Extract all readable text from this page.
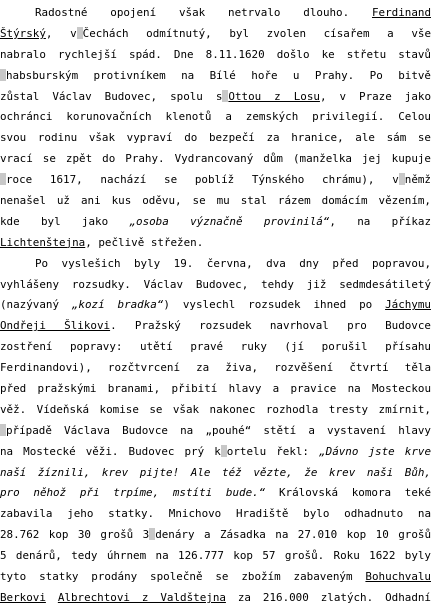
Radostné opojení však netrvalo dlouho. Ferdinand
Štýrský, v Čechách odmítnutý, byl zvolen císařem a vše
nabralo rychlejší spád. Dne 8.11.1620 došlo ke střetu stavů
habsburským protivníkem na Bílé hoře u Prahy. Po bitvě
zůstal Václav Budovec, spolu s Ottou z Losu, v Praze jako
ochránci korunovačních klenotů a zemských privilegií. Celou
svou rodinu však vypraví do bezpečí za hranice, ale sám se
vrací se zpět do Prahy. Vydrancovaný dům (manželka jej kupuje
roce 1617, nachází se poblíž Týnského chrámu), v němž
nenašel už ani kus oděvu, se mu stal rázem domácím vězením,
kde byl jako „osoba význačně provinilá“, na příkaz
Lichtenštejna, pečlivě střežen.
Po vyslešich byly 19. června, dva dny před popravou,
vyhlášeny rozsudky. Václav Budovec, tehdy již sedmdesátiletý
(nazývaný „kozí bradka“) vyslechl rozsudek ihned po Jáchymu
Ondřeji Šlikovi. Pražský rozsudek navrhoval pro Budovce
zostření popravy: utětí pravé ruky (jí porušil přísahu
Ferdinandovi), rozčtvrcení za živa, rozvěšení čtvrtí těla
před pražskými branami, přibití hlavy a pravice na Mosteckou
věž. Vídeňská komise se však nakonec rozhodla tresty zmírnit,
případě Václava Budovce na „pouhé“ stětí a vystavení hlavy
na Mostecké věži. Budovec prý k ortelu řekl: „Dávno jste krve
naší žíznili, krev pijte! Ale též vězte, že krev naši Bůh,
pro něhož při trpíme, mstíti bude.“ Královská komora teké
zabavila jeho statky. Mnichovo Hradiště bylo odhadnuto na
28.762 kop 30 grošů 3 denáry a Zásadka na 27.010 kop 10 grošů
5 denárů, tedy úhrnem na 126.777 kop 57 grošů. Roku 1622 byly
tyto statky prodány společně se zbožím zabaveným Bohuchvalu
Berkovi Albrechtovi z Valdštejna za 216.000 zlatých. Odhadní
